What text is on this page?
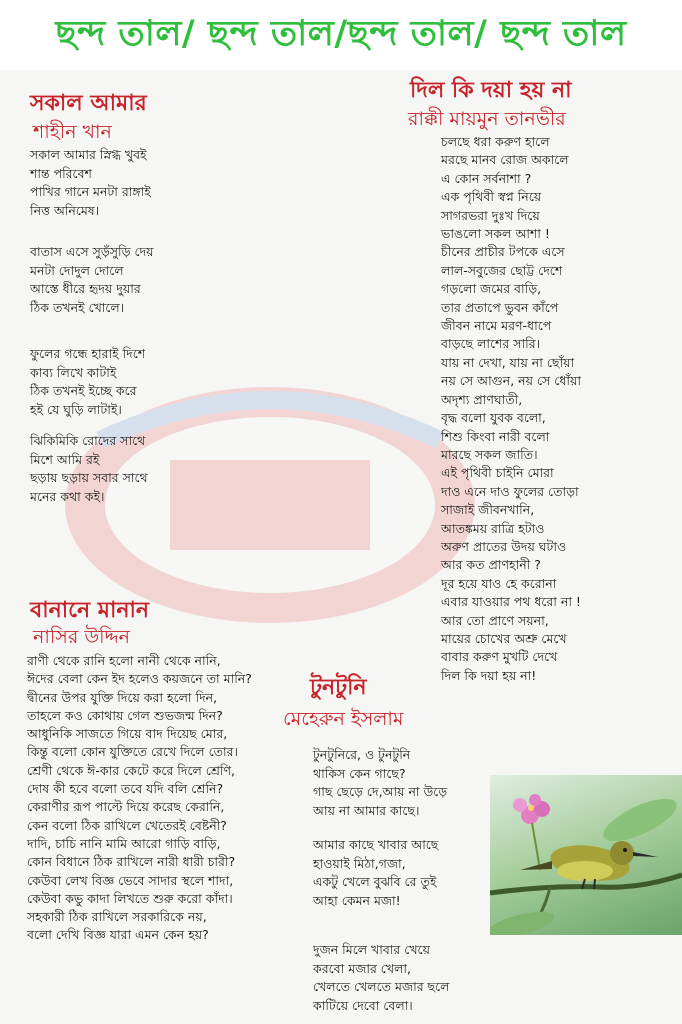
ছন্দ তাল/ ছন্দ তাল/ছন্দ তাল/ ছন্দ তাল
সকাল আমার
শাহীন খান
সকাল আমার স্নিগ্ধ খুবই
শান্ত পরিবেশ
পাখির গানে মনটা রাঙ্গাই
নিত্ত অনিমেষ।
বাতাস এসে সুড়ঁসুড়ি দেয়
মনটা দোদুল দোলে
আস্তে ধীরে হৃদয় দুয়ার
ঠিক তখনই খোলে।
ফুলের গন্ধে হারাই দিশে
কাব্য লিখে কাটাই
ঠিক তখনই ইচ্ছে করে
হই যে ঘুড়ি লাটাই।
ঝিকিমিকি রোদের সাথে
মিশে আমি রই
ছড়ায় ছড়ায় সবার সাথে
মনের কথা কই।
দিল কি দয়া হয় না
রাক্কী মায়মুন তানভীর
চলছে ধরা করুণ হালে
মরছে মানব রোজ অকালে
এ কোন সর্বনাশা ?
এক পৃথিবী স্বপ্ন নিয়ে
সাগরভরা দুঃখ দিয়ে
ভাঙলো সকল আশা !
চীনের প্রাচীর টপকে এসে
লাল-সবুজের ছোট্ট দেশে
গড়লো জমের বাড়ি,
তার প্রতাপে ভুবন কাঁপে
জীবন নামে মরণ-ধাপে
বাড়ছে লাশের সারি।
যায় না দেখা, যায় না ছোঁয়া
নয় সে আগুন, নয় সে ধোঁয়া
অদৃশ্য প্রাণঘাতী,
বৃদ্ধ বলো যুবক বলো,
শিশু কিংবা নারী বলো
মারছে সকল জাতি।
এই পৃথিবী চাইনি মোরা
দাও এনে দাও ফুলের তোড়া
সাজাই জীবনখানি,
আতঙ্কময় রাত্রি হটাও
অরুণ প্রাতের উদয় ঘটাও
আর কত প্রাণহানী ?
দূর হয়ে যাও হে করোনা
এবার যাওয়ার পথ ধরো না !
আর তো প্রাণে সয়না,
মায়ের চোখের অশ্রু মেখে
বাবার করুণ মুখটি দেখে
দিল কি দয়া হয় না!
বানানে মানান
নাসির উদ্দিন
রাণী থেকে রানি হলো নানী থেকে নানি,
ঈদের বেলা কেন ইদ হলেও কয়জনে তা মানি?
দ্বীনের উপর যুক্তি দিয়ে করা হলো দিন,
তাহলে কও কোথায় গেল শুভজন্ম দিন?
আধুনিকি সাজতে গিয়ে বাদ দিয়েছ মোর,
কিন্তু বলো কোন যুক্তিতে রেখে দিলে তোর।
শ্রেণী থেকে ঈ-কার কেটে করে দিলে শ্রেণি,
দোষ কী হবে বলো তবে যদি বলি শ্রেনি?
কেরাণীর রূপ পাল্টে দিয়ে করেছ কেরানি,
কেন বলো ঠিক রাখিলে খেতেরই বেষ্টনী?
দাদি, চাচি নানি মামি আরো গাড়ি বাড়ি,
কোন বিধানে ঠিক রাখিলে নারী ধারী চারী?
কেউবা লেখ বিজ্ঞ ভেবে সাদার স্থলে শাদা,
কেউবা কভু কাদা লিখতে শুরু করো কাঁদা।
সহকারী ঠিক রাখিলে সরকারিকে নয়,
বলো দেখি বিজ্ঞ যারা এমন কেন হয়?
টুনটুনি
মেহেরুন ইসলাম
টুনটুনিরে, ও টুনটুনি
থাকিস কেন গাছে?
গাছ ছেড়ে দে,আয় না উড়ে
আয় না আমার কাছে।
আমার কাছে খাবার আছে
হাওয়াই মিঠা,গজা,
একটু খেলে বুঝবি রে তুই
আহা কেমন মজা!
দুজন মিলে খাবার খেয়ে
করবো মজার খেলা,
খেলতে খেলতে মজার ছলে
কাটিয়ে দেবো বেলা।
